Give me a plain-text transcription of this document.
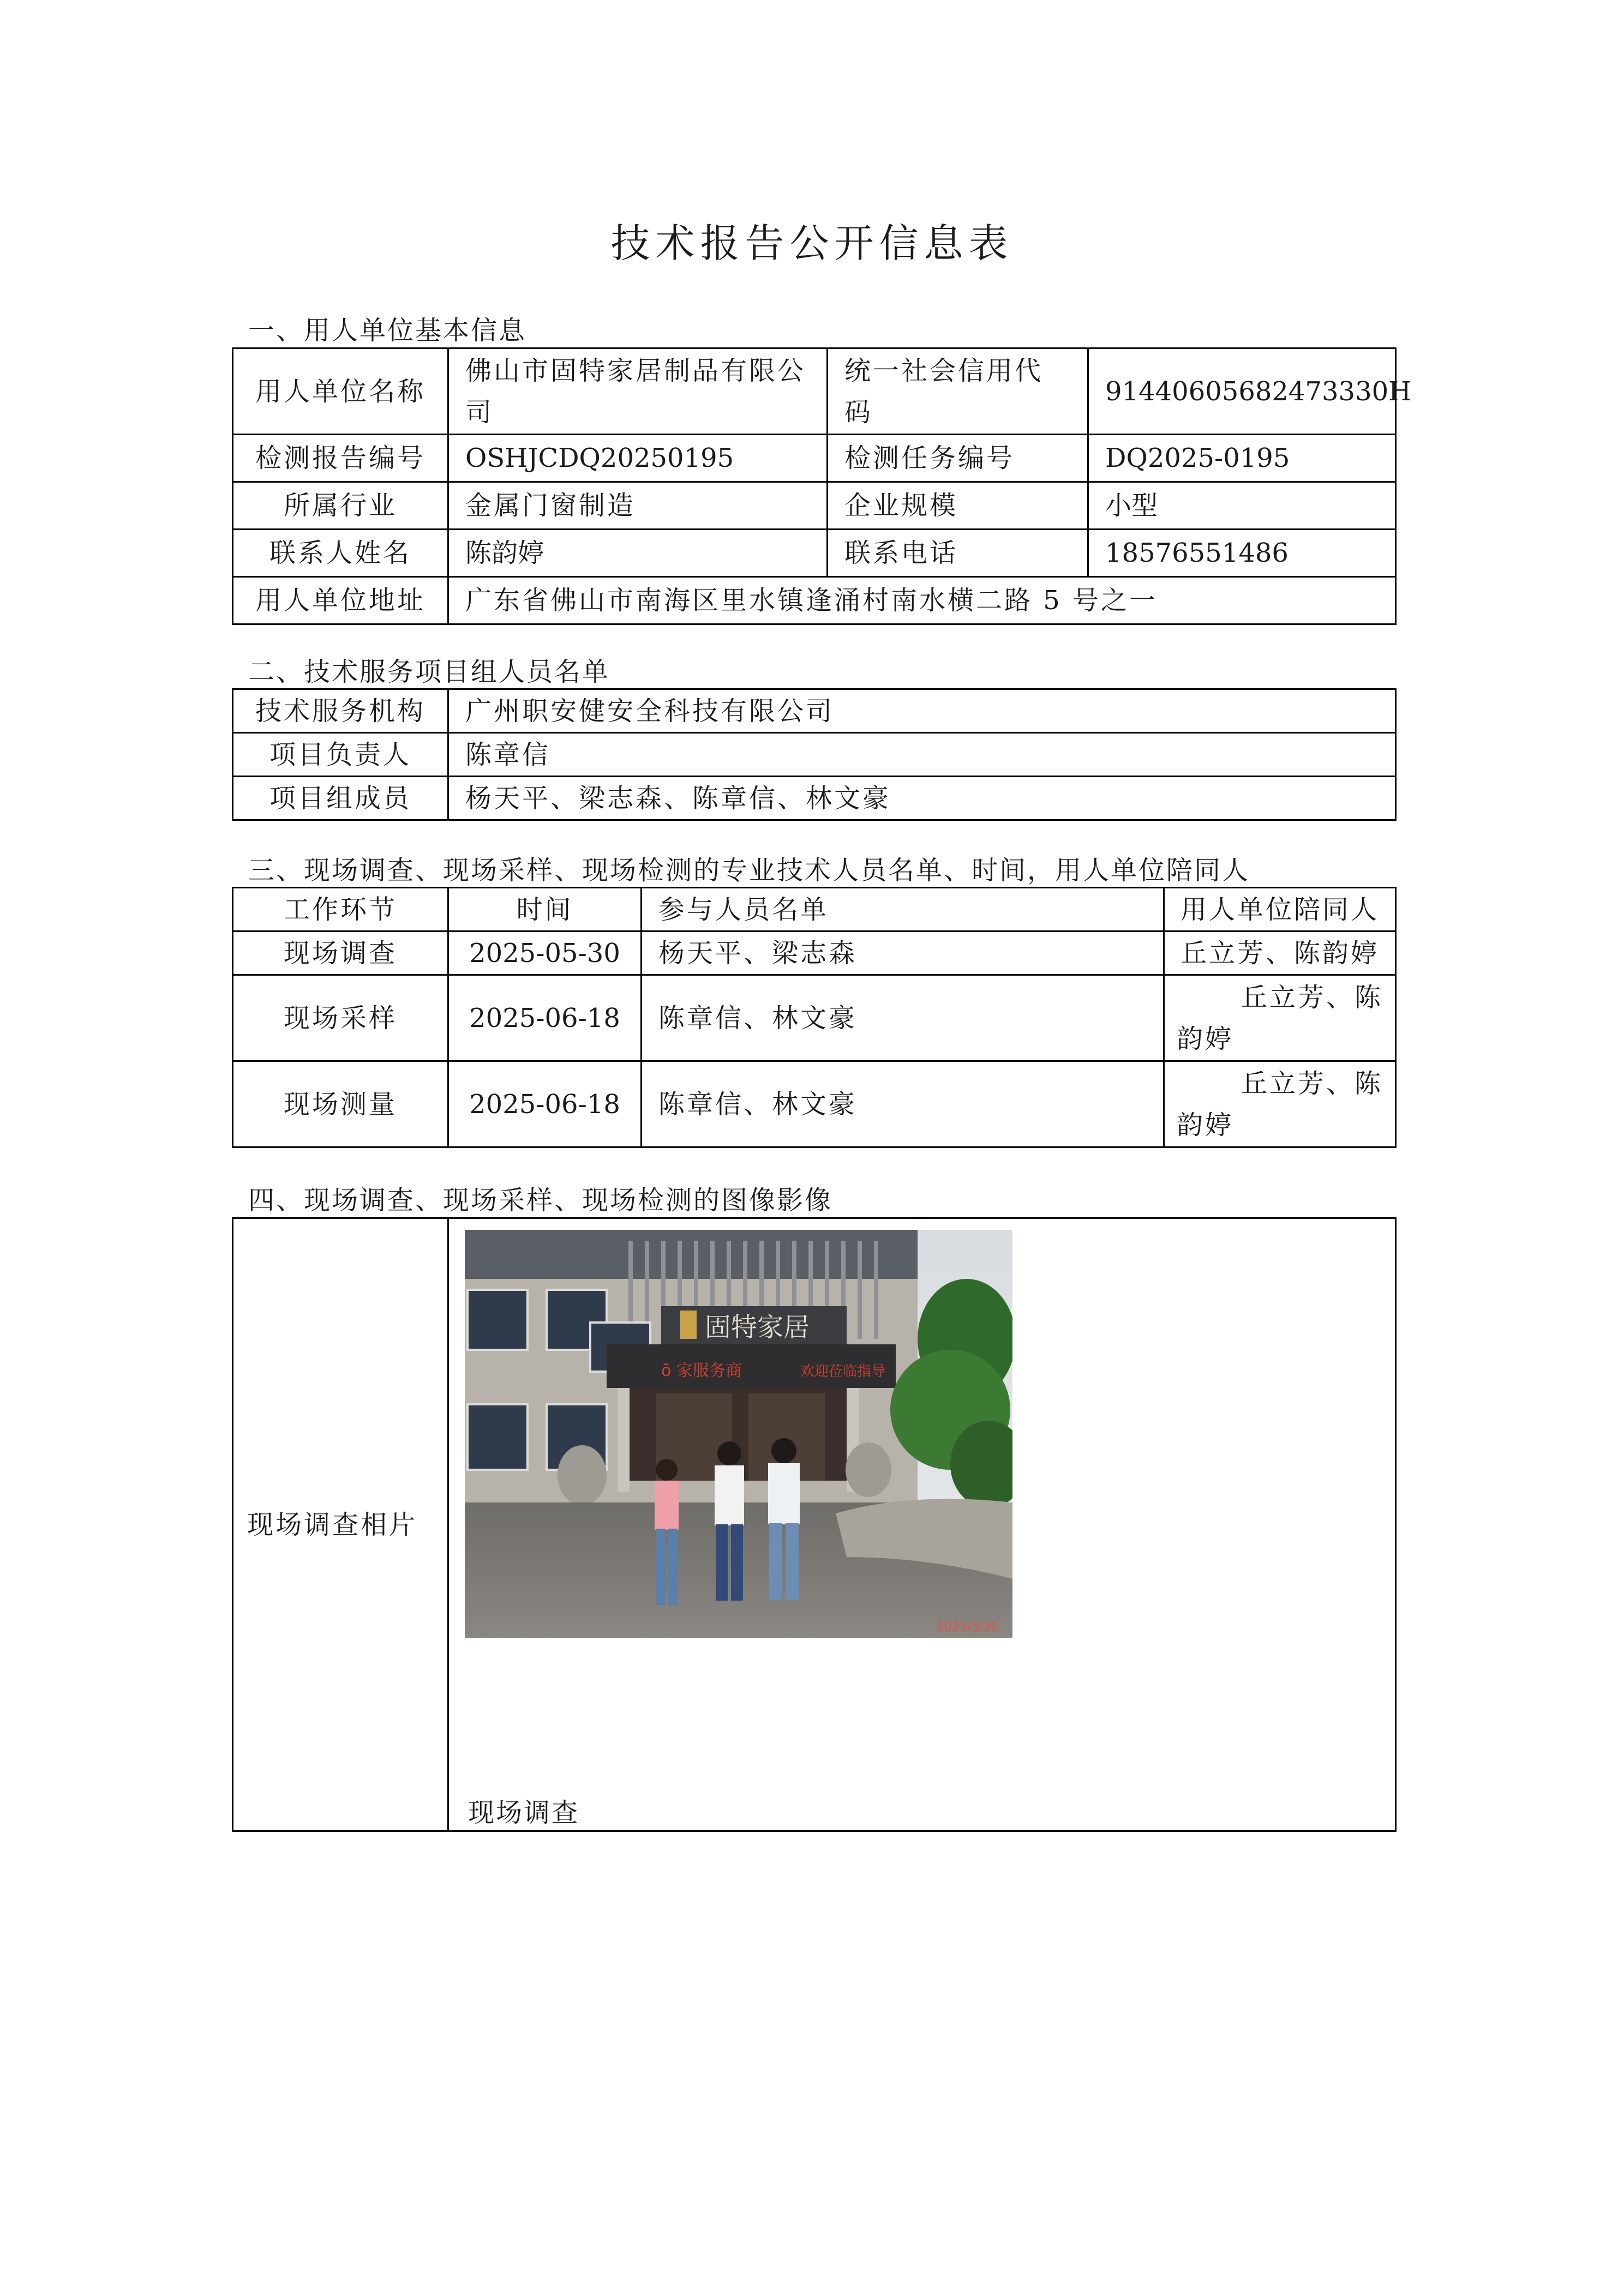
技术报告公开信息表
一、用人单位基本信息
用人单位名称	佛山市固特家居制品有限公司	统一社会信用代码	91440605682473330H
检测报告编号	OSHJCDQ20250195	检测任务编号	DQ2025-0195
所属行业	金属门窗制造	企业规模	小型
联系人姓名	陈韵婷	联系电话	18576551486
用人单位地址	广东省佛山市南海区里水镇逢涌村南水横二路 5 号之一		
二、技术服务项目组人员名单
技术服务机构	广州职安健安全科技有限公司
项目负责人	陈章信
项目组成员	杨天平、梁志森、陈章信、林文豪
三、现场调查、现场采样、现场检测的专业技术人员名单、时间，用人单位陪同人
工作环节	时间	参与人员名单	用人单位陪同人
现场调查	2025-05-30	杨天平、梁志森	丘立芳、陈韵婷
现场采样	2025-06-18	陈章信、林文豪	丘立芳、陈
韵婷

现场测量	2025-06-18	陈章信、林文豪	丘立芳、陈
韵婷
四、现场调查、现场采样、现场检测的图像影像
现场调查相片	
固特家居
ō 家服务商	欢迎莅临指导
2025/5/30
现场调查
